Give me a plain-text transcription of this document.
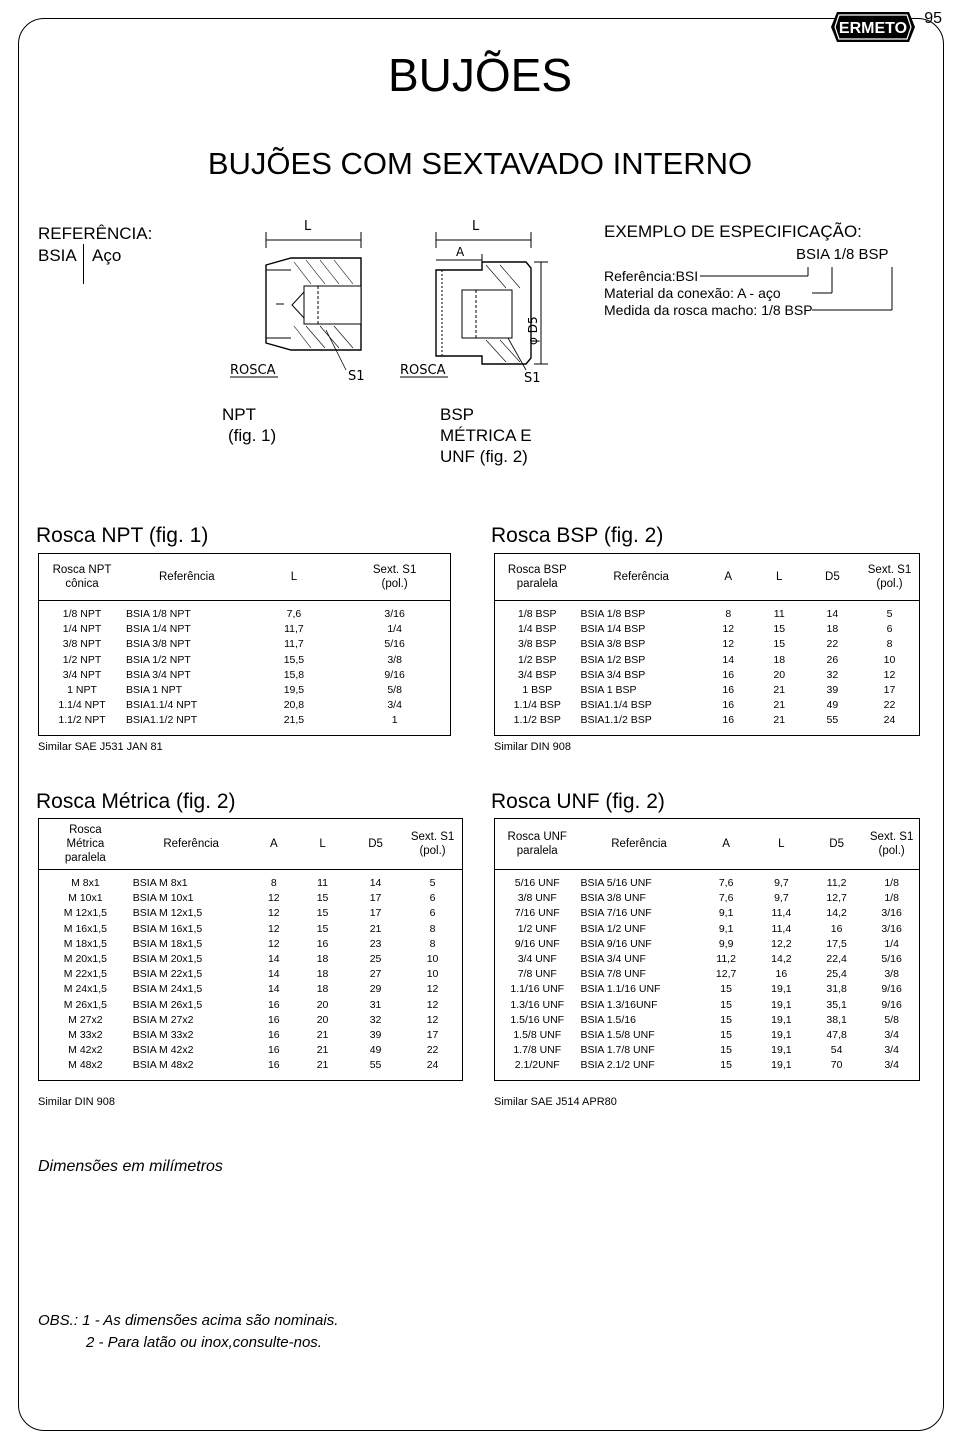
95
ERMETO
BUJÕES
BUJÕES COM SEXTAVADO INTERNO
REFERÊNCIA:
BSIA Aço
L
ROSCA	S1
L
A
φ D5
ROSCA
S1
EXEMPLO DE ESPECIFICAÇÃO:
BSIA 1/8 BSP
Referência:BSI
Material da conexão: A - aço
Medida da rosca macho: 1/8 BSP
NPT
(fig. 1)
BSP
MÉTRICA E
UNF (fig. 2)
Rosca NPT (fig. 1)
Rosca NPT cônica	Referência	L	Sext. S1 (pol.)

1/8 NPT	BSIA 1/8 NPT	7,6	3/16
1/4 NPT	BSIA 1/4 NPT	11,7	1/4
3/8 NPT	BSIA 3/8 NPT	11,7	5/16
1/2 NPT	BSIA 1/2 NPT	15,5	3/8
3/4 NPT	BSIA 3/4 NPT	15,8	9/16
1 NPT	BSIA 1 NPT	19,5	5/8
1.1/4 NPT	BSIA1.1/4 NPT	20,8	3/4
1.1/2 NPT	BSIA1.1/2 NPT	21,5	1
Similar SAE J531 JAN 81
Rosca BSP (fig. 2)
Rosca BSP paralela	Referência	A	L	D5	Sext. S1 (pol.)

1/8 BSP	BSIA 1/8 BSP	8	11	14	5
1/4 BSP	BSIA 1/4 BSP	12	15	18	6
3/8 BSP	BSIA 3/8 BSP	12	15	22	8
1/2 BSP	BSIA 1/2 BSP	14	18	26	10
3/4 BSP	BSIA 3/4 BSP	16	20	32	12
1 BSP	BSIA 1 BSP	16	21	39	17
1.1/4 BSP	BSIA1.1/4 BSP	16	21	49	22
1.1/2 BSP	BSIA1.1/2 BSP	16	21	55	24
Similar DIN 908
Rosca Métrica (fig. 2)
Rosca Métrica paralela	Referência	A	L	D5	Sext. S1 (pol.)

M 8x1	BSIA M 8x1	8	11	14	5
M 10x1	BSIA M 10x1	12	15	17	6
M 12x1,5	BSIA M 12x1,5	12	15	17	6
M 16x1,5	BSIA M 16x1,5	12	15	21	8
M 18x1,5	BSIA M 18x1,5	12	16	23	8
M 20x1,5	BSIA M 20x1,5	14	18	25	10
M 22x1,5	BSIA M 22x1,5	14	18	27	10
M 24x1,5	BSIA M 24x1,5	14	18	29	12
M 26x1,5	BSIA M 26x1,5	16	20	31	12
M 27x2	BSIA M 27x2	16	20	32	12
M 33x2	BSIA M 33x2	16	21	39	17
M 42x2	BSIA M 42x2	16	21	49	22
M 48x2	BSIA M 48x2	16	21	55	24
Similar DIN 908
Rosca UNF (fig. 2)
Rosca UNF paralela	Referência	A	L	D5	Sext. S1 (pol.)

5/16 UNF	BSIA 5/16 UNF	7,6	9,7	11,2	1/8
3/8 UNF	BSIA 3/8 UNF	7,6	9,7	12,7	1/8
7/16 UNF	BSIA 7/16 UNF	9,1	11,4	14,2	3/16
1/2 UNF	BSIA 1/2 UNF	9,1	11,4	16	3/16
9/16 UNF	BSIA 9/16 UNF	9,9	12,2	17,5	1/4
3/4 UNF	BSIA 3/4 UNF	11,2	14,2	22,4	5/16
7/8 UNF	BSIA 7/8 UNF	12,7	16	25,4	3/8
1.1/16 UNF	BSIA 1.1/16 UNF	15	19,1	31,8	9/16
1.3/16 UNF	BSIA 1.3/16UNF	15	19,1	35,1	9/16
1.5/16 UNF	BSIA 1.5/16	15	19,1	38,1	5/8
1.5/8 UNF	BSIA 1.5/8 UNF	15	19,1	47,8	3/4
1.7/8 UNF	BSIA 1.7/8 UNF	15	19,1	54	3/4
2.1/2UNF	BSIA 2.1/2 UNF	15	19,1	70	3/4
Similar SAE J514 APR80
Dimensões em milímetros
OBS.: 1 - As dimensões acima são nominais.
2 - Para latão ou inox,consulte-nos.
